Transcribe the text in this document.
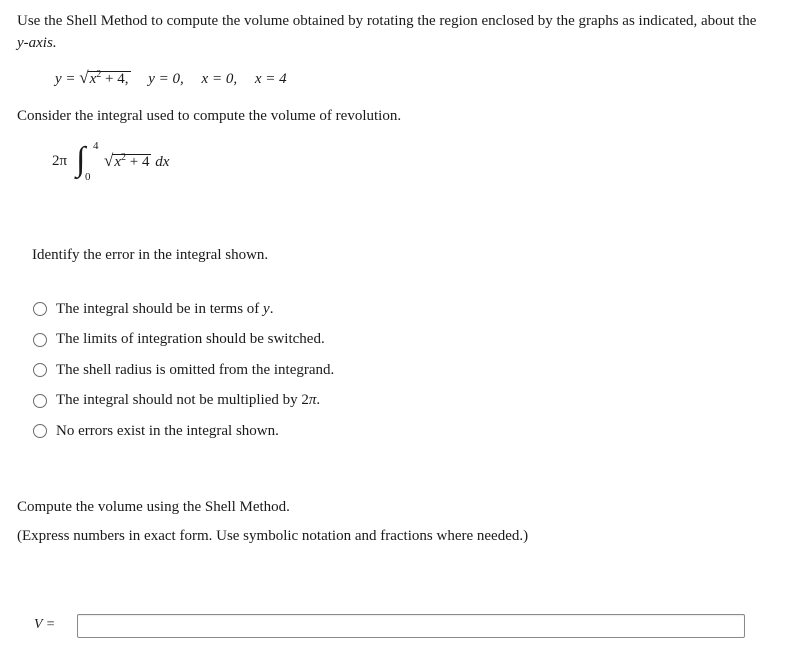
Use the Shell Method to compute the volume obtained by rotating the region enclosed by the graphs as indicated, about the
y-axis.
$y = √x^2 + 4$, y = 0, x = 0, x = 4
Consider the integral used to compute the volume of revolution.
2π ∫ 4
0
$√x^2 + 4$ dx
Identify the error in the integral shown.
The integral should be in terms of y.
The limits of integration should be switched.
The shell radius is omitted from the integrand.
The integral should not be multiplied by 2π.
No errors exist in the integral shown.
Compute the volume using the Shell Method.
(Express numbers in exact form. Use symbolic notation and fractions where needed.)
V =
